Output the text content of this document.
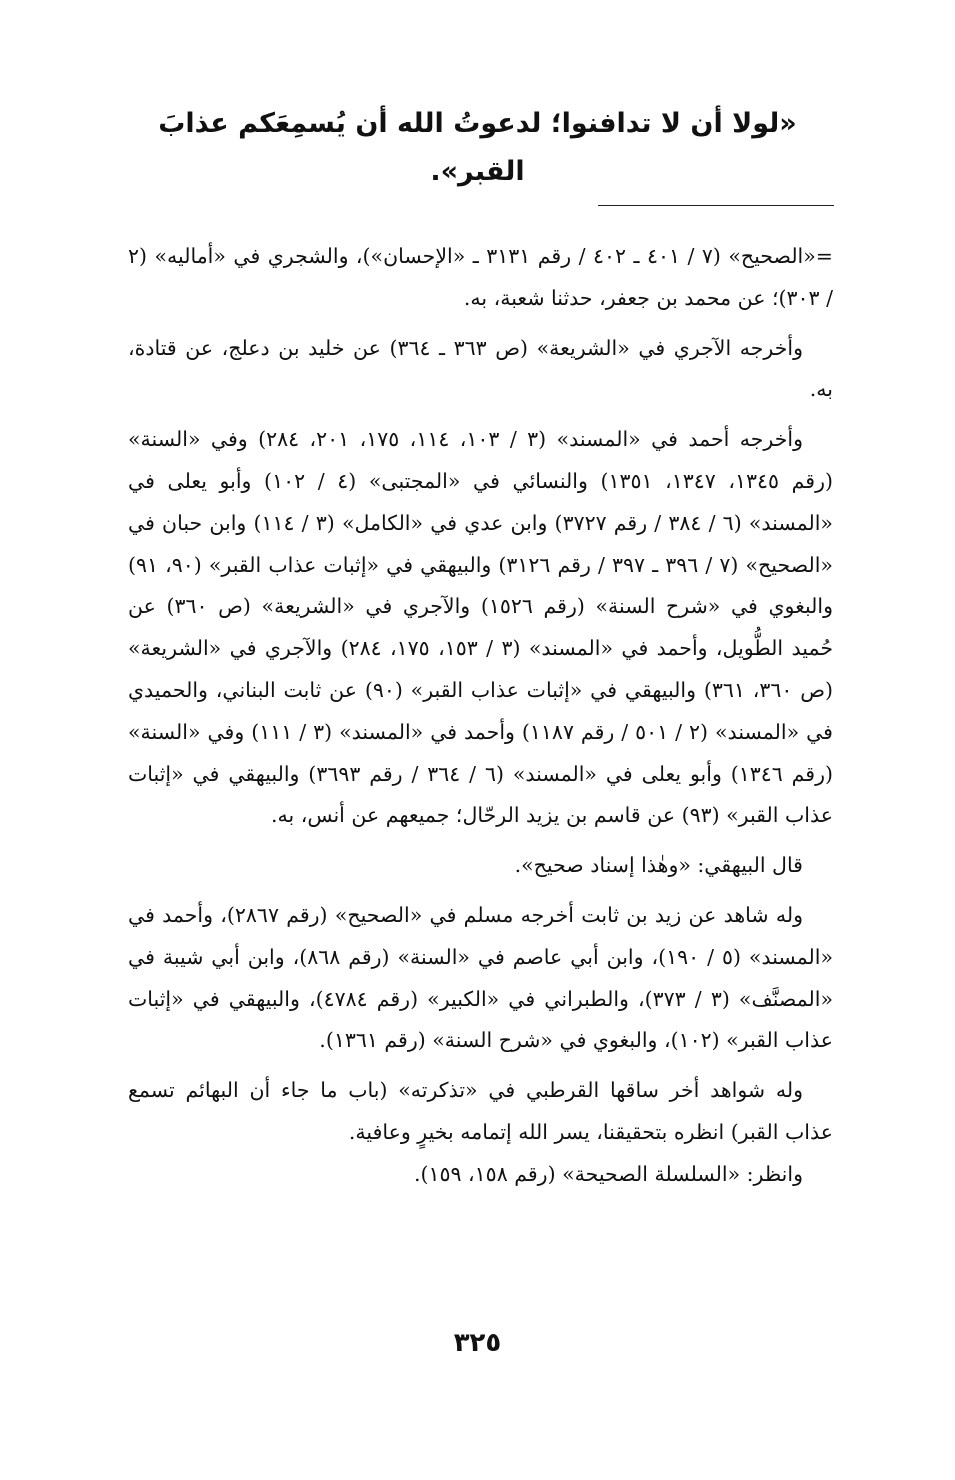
«لولا أن لا تدافنوا؛ لدعوتُ الله أن يُسمِعَكم عذابَ القبر».

=«الصحيح» (٧ / ٤٠١ ـ ٤٠٢ / رقم ٣١٣١ ـ «الإحسان»)، والشجري في «أماليه» (٢ / ٣٠٣)؛ عن محمد بن جعفر، حدثنا شعبة، به.

وأخرجه الآجري في «الشريعة» (ص ٣٦٣ ـ ٣٦٤) عن خليد بن دعلج، عن قتادة، به.

وأخرجه أحمد في «المسند» (٣ / ١٠٣، ١١٤، ١٧٥، ٢٠١، ٢٨٤) وفي «السنة» (رقم ١٣٤٥، ١٣٤٧، ١٣٥١) والنسائي في «المجتبى» (٤ / ١٠٢) وأبو يعلى في «المسند» (٦ / ٣٨٤ / رقم ٣٧٢٧) وابن عدي في «الكامل» (٣ / ١١٤) وابن حبان في «الصحيح» (٧ / ٣٩٦ ـ ٣٩٧ / رقم ٣١٢٦) والبيهقي في «إثبات عذاب القبر» (٩٠، ٩١) والبغوي في «شرح السنة» (رقم ١٥٢٦) والآجري في «الشريعة» (ص ٣٦٠) عن حُميد الطُّويل، وأحمد في «المسند» (٣ / ١٥٣، ١٧٥، ٢٨٤) والآجري في «الشريعة» (ص ٣٦٠، ٣٦١) والبيهقي في «إثبات عذاب القبر» (٩٠) عن ثابت البناني، والحميدي في «المسند» (٢ / ٥٠١ / رقم ١١٨٧) وأحمد في «المسند» (٣ / ١١١) وفي «السنة» (رقم ١٣٤٦) وأبو يعلى في «المسند» (٦ / ٣٦٤ / رقم ٣٦٩٣) والبيهقي في «إثبات عذاب القبر» (٩٣) عن قاسم بن يزيد الرحّال؛ جميعهم عن أنس، به.

قال البيهقي: «وهٰذا إسناد صحيح».

وله شاهد عن زيد بن ثابت أخرجه مسلم في «الصحيح» (رقم ٢٨٦٧)، وأحمد في «المسند» (٥ / ١٩٠)، وابن أبي عاصم في «السنة» (رقم ٨٦٨)، وابن أبي شيبة في «المصنَّف» (٣ / ٣٧٣)، والطبراني في «الكبير» (رقم ٤٧٨٤)، والبيهقي في «إثبات عذاب القبر» (١٠٢)، والبغوي في «شرح السنة» (رقم ١٣٦١).

وله شواهد أخر ساقها القرطبي في «تذكرته» (باب ما جاء أن البهائم تسمع عذاب القبر) انظره بتحقيقنا، يسر الله إتمامه بخيرٍ وعافية.

وانظر: «السلسلة الصحيحة» (رقم ١٥٨، ١٥٩).

٣٢٥
